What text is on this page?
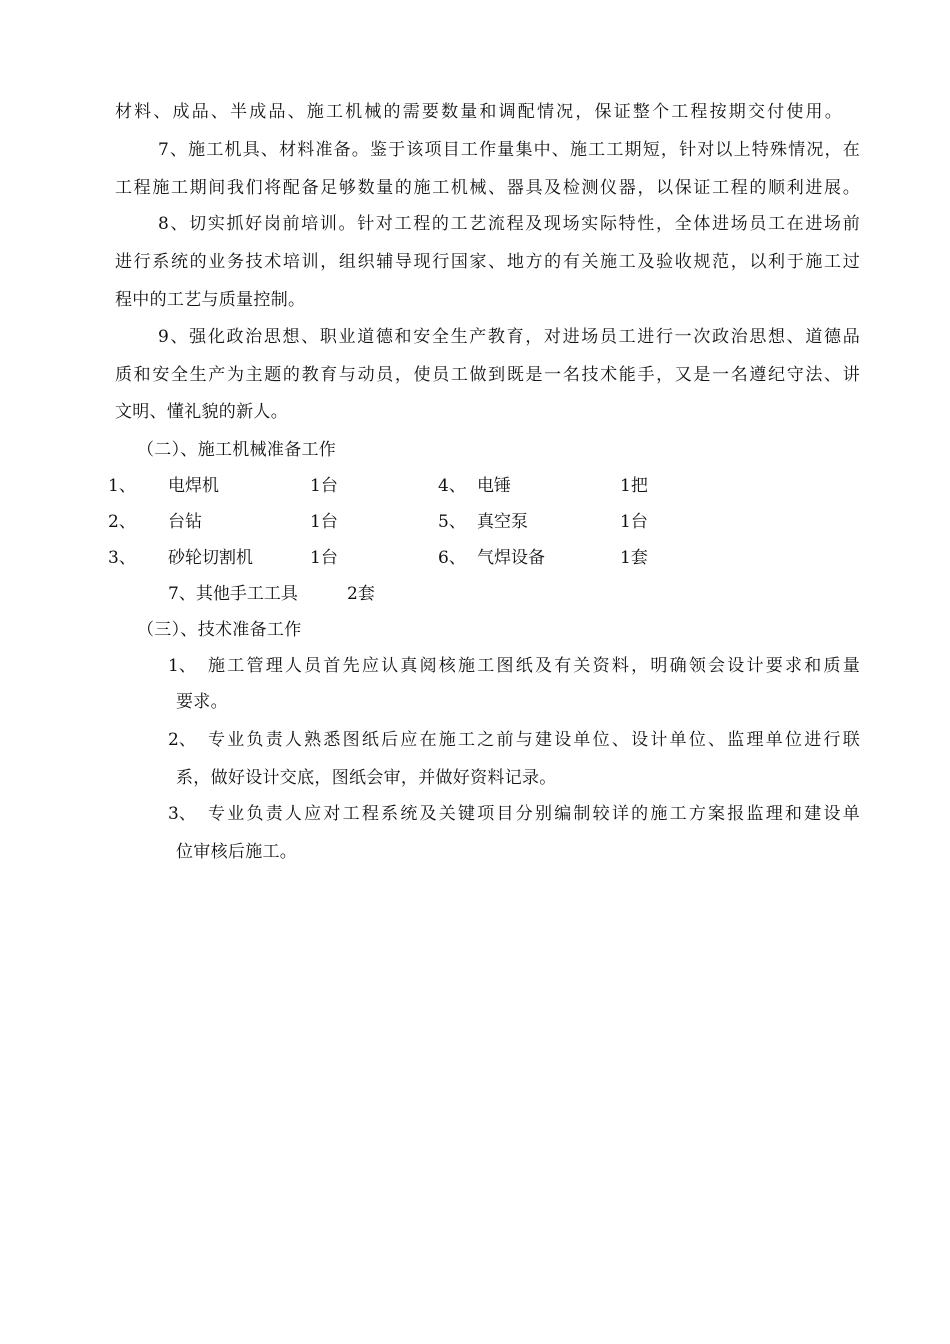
材料、成品、半成品、施工机械的需要数量和调配情况，保证整个工程按期交付使用。
7、施工机具、材料准备。鉴于该项目工作量集中、施工工期短，针对以上特殊情况，在
工程施工期间我们将配备足够数量的施工机械、器具及检测仪器，以保证工程的顺利进展。
8、切实抓好岗前培训。针对工程的工艺流程及现场实际特性，全体进场员工在进场前
进行系统的业务技术培训，组织辅导现行国家、地方的有关施工及验收规范，以利于施工过
程中的工艺与质量控制。
9、强化政治思想、职业道德和安全生产教育，对进场员工进行一次政治思想、道德品
质和安全生产为主题的教育与动员，使员工做到既是一名技术能手，又是一名遵纪守法、讲
文明、懂礼貌的新人。
（二）、施工机械准备工作
1、 电焊机	1台	4、 电锤	1把
2、 台钻	1台	5、 真空泵	1台
3、 砂轮切割机	1台	6、 气焊设备	1套
7、其他手工工具	2套
（三）、技术准备工作
1、 施工管理人员首先应认真阅核施工图纸及有关资料，明确领会设计要求和质量
要求。
2、 专业负责人熟悉图纸后应在施工之前与建设单位、设计单位、监理单位进行联
系，做好设计交底，图纸会审，并做好资料记录。
3、 专业负责人应对工程系统及关键项目分别编制较详的施工方案报监理和建设单
位审核后施工。
